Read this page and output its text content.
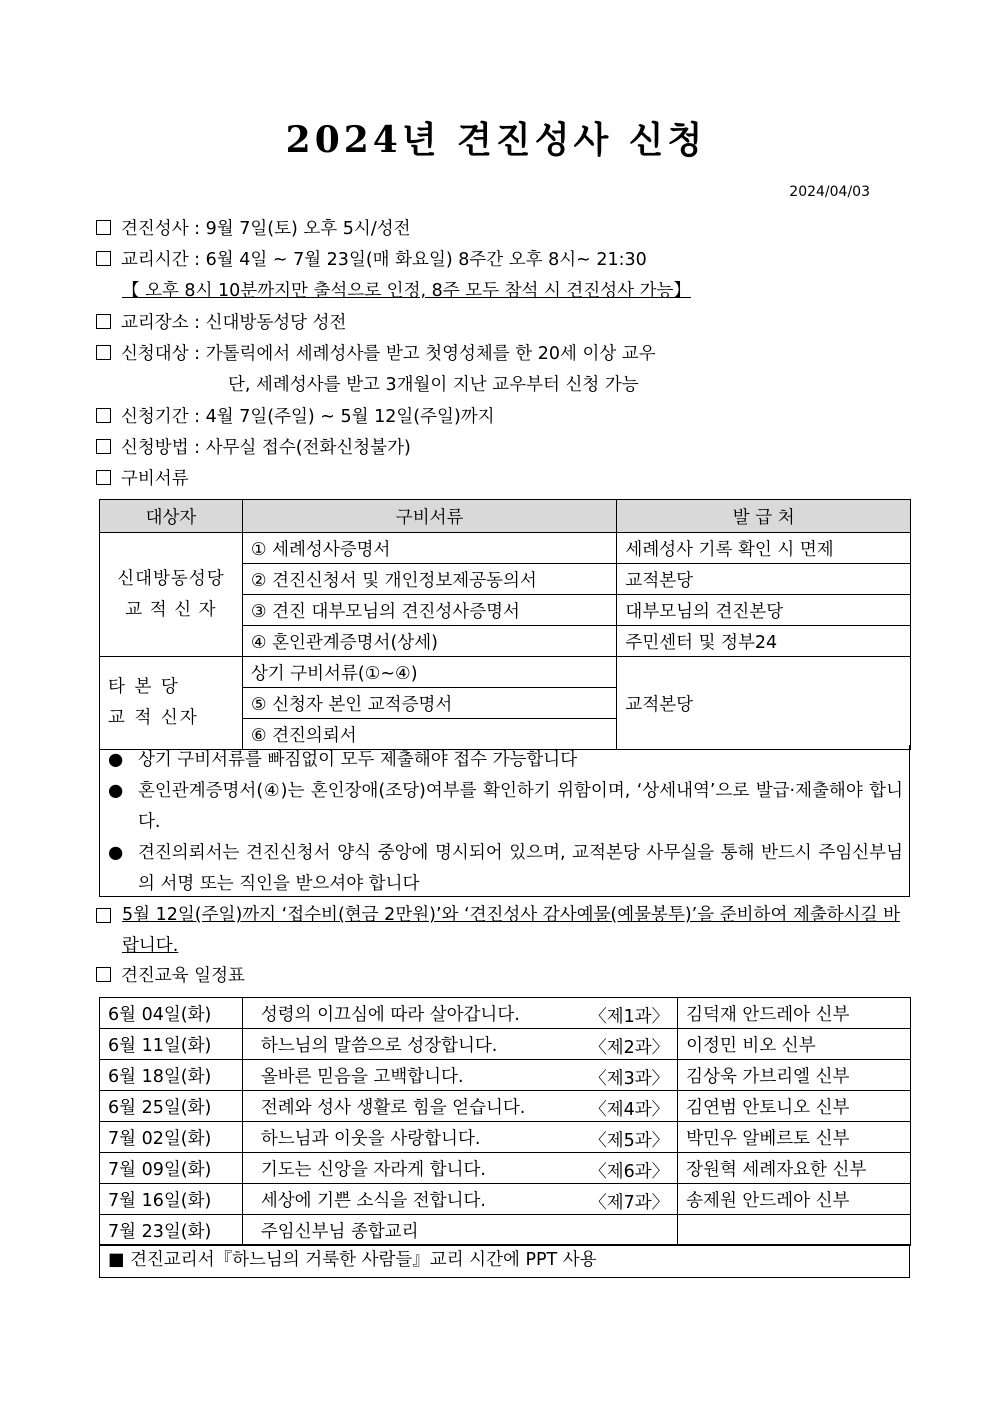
2024년 견진성사 신청
2024/04/03
견진성사 : 9월 7일(토) 오후 5시/성전
교리시간 : 6월 4일 ~ 7월 23일(매 화요일) 8주간 오후 8시~ 21:30
【 오후 8시 10분까지만 출석으로 인정, 8주 모두 참석 시 견진성사 가능】
교리장소 : 신대방동성당 성전
신청대상 : 가톨릭에서 세례성사를 받고 첫영성체를 한 20세 이상 교우
단, 세례성사를 받고 3개월이 지난 교우부터 신청 가능
신청기간 : 4월 7일(주일) ~ 5월 12일(주일)까지
신청방법 : 사무실 접수(전화신청불가)
구비서류
대상자	구비서류	발 급 처
신대방동성당
교 적 신 자	① 세례성사증명서	세례성사 기록 확인 시 면제
	② 견진신청서 및 개인정보제공동의서	교적본당
	③ 견진 대부모님의 견진성사증명서	대부모님의 견진본당
	④ 혼인관계증명서(상세)	주민센터 및 정부24
타 본 당
교 적 신자	상기 구비서류(①~④)	교적본당
	⑤ 신청자 본인 교적증명서	
	⑥ 견진의뢰서	
● 상기 구비서류를 빠짐없이 모두 제출해야 접수 가능합니다
● 혼인관계증명서(④)는 혼인장애(조당)여부를 확인하기 위함이며, ‘상세내역’으로 발급·제출해야 합니다.
● 견진의뢰서는 견진신청서 양식 중앙에 명시되어 있으며, 교적본당 사무실을 통해 반드시 주임신부님의 서명 또는 직인을 받으셔야 합니다
5월 12일(주일)까지 ‘접수비(현금 2만원)’와 ‘견진성사 감사예물(예물봉투)’을 준비하여 제출하시길 바랍니다.
견진교육 일정표
6월 04일(화)	성령의 이끄심에 따라 살아갑니다. 〈제1과〉	김덕재 안드레아 신부
6월 11일(화)	하느님의 말씀으로 성장합니다. 〈제2과〉	이정민 비오 신부
6월 18일(화)	올바른 믿음을 고백합니다. 〈제3과〉	김상욱 가브리엘 신부
6월 25일(화)	전례와 성사 생활로 힘을 얻습니다. 〈제4과〉	김연범 안토니오 신부
7월 02일(화)	하느님과 이웃을 사랑합니다. 〈제5과〉	박민우 알베르토 신부
7월 09일(화)	기도는 신앙을 자라게 합니다. 〈제6과〉	장원혁 세례자요한 신부
7월 16일(화)	세상에 기쁜 소식을 전합니다. 〈제7과〉	송제원 안드레아 신부
7월 23일(화)	주임신부님 종합교리

■ 견진교리서『하느님의 거룩한 사람들』교리 시간에 PPT 사용
